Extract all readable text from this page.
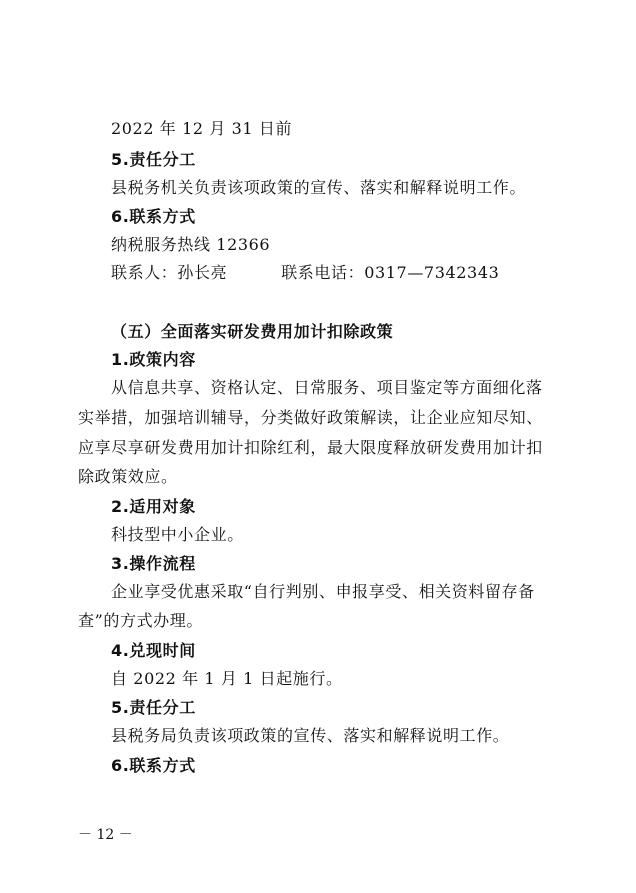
2022 年 12 月 31 日前
5.责任分工
县税务机关负责该项政策的宣传、落实和解释说明工作。
6.联系方式
纳税服务热线 12366
联系人：孙长亮	联系电话：0317—7342343
（五）全面落实研发费用加计扣除政策
1.政策内容
从信息共享、资格认定、日常服务、项目鉴定等方面细化落
实举措，加强培训辅导，分类做好政策解读，让企业应知尽知、
应享尽享研发费用加计扣除红利，最大限度释放研发费用加计扣
除政策效应。
2.适用对象
科技型中小企业。
3.操作流程
企业享受优惠采取“自行判别、申报享受、相关资料留存备
查”的方式办理。
4.兑现时间
自 2022 年 1 月 1 日起施行。
5.责任分工
县税务局负责该项政策的宣传、落实和解释说明工作。
6.联系方式
－ 12 －
